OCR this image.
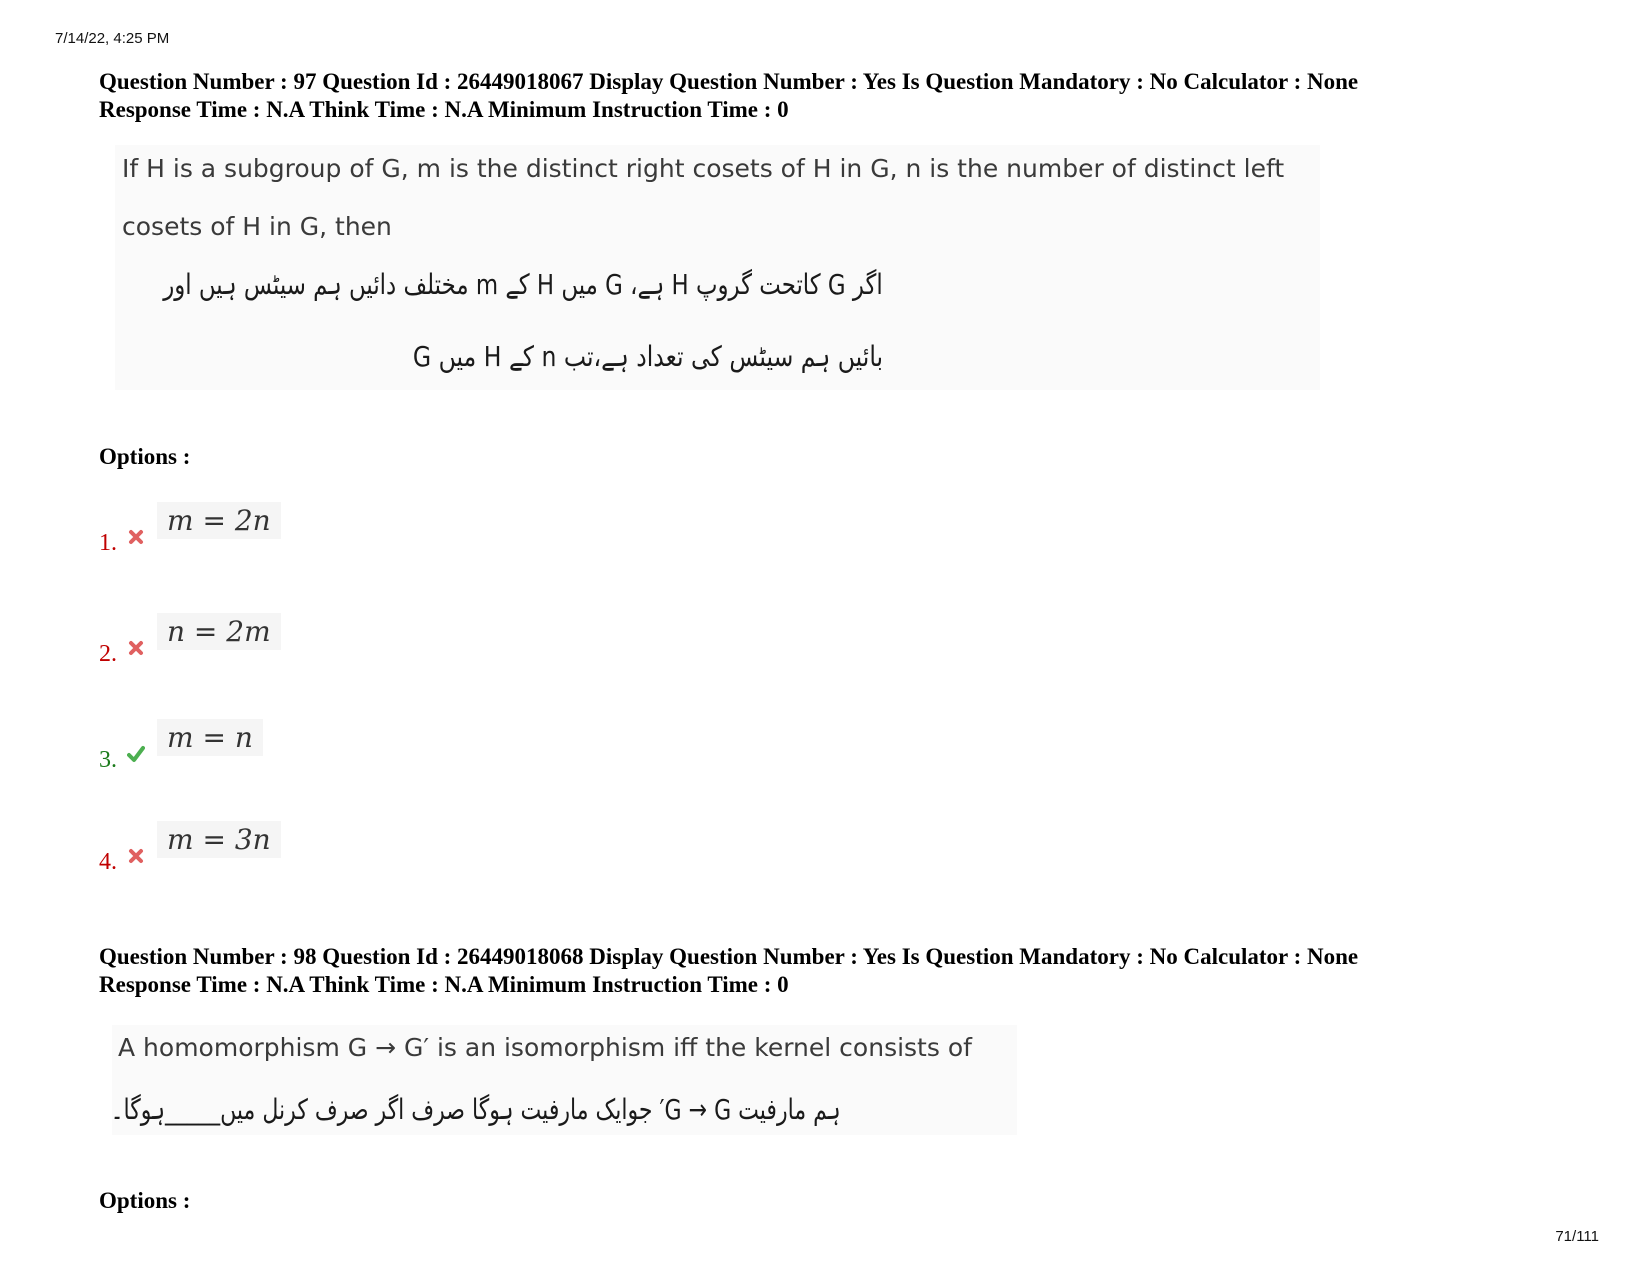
7/14/22, 4:25 PM
Question Number : 97 Question Id : 26449018067 Display Question Number : Yes Is Question Mandatory : No Calculator : None
Response Time : N.A Think Time : N.A Minimum Instruction Time : 0
If H is a subgroup of G, m is the distinct right cosets of H in G, n is the number of distinct left
cosets of H in G, then
اگر G کاتحت گروپ H ہے، G میں H کے m مختلف دائیں ہم سیٹس ہیں اور
G میں H کے n بائیں ہم سیٹس کی تعداد ہے،تب
Options :
1.
m = 2n
2.
n = 2m
3.
m = n
4.
m = 3n
Question Number : 98 Question Id : 26449018068 Display Question Number : Yes Is Question Mandatory : No Calculator : None
Response Time : N.A Think Time : N.A Minimum Instruction Time : 0
A homomorphism G → G′ is an isomorphism iff the kernel consists of
ہم مارفیت G → G′ جوایک مارفیت ہوگا صرف اگر صرف کرنل میں_____ہوگا۔
Options :
71/111
